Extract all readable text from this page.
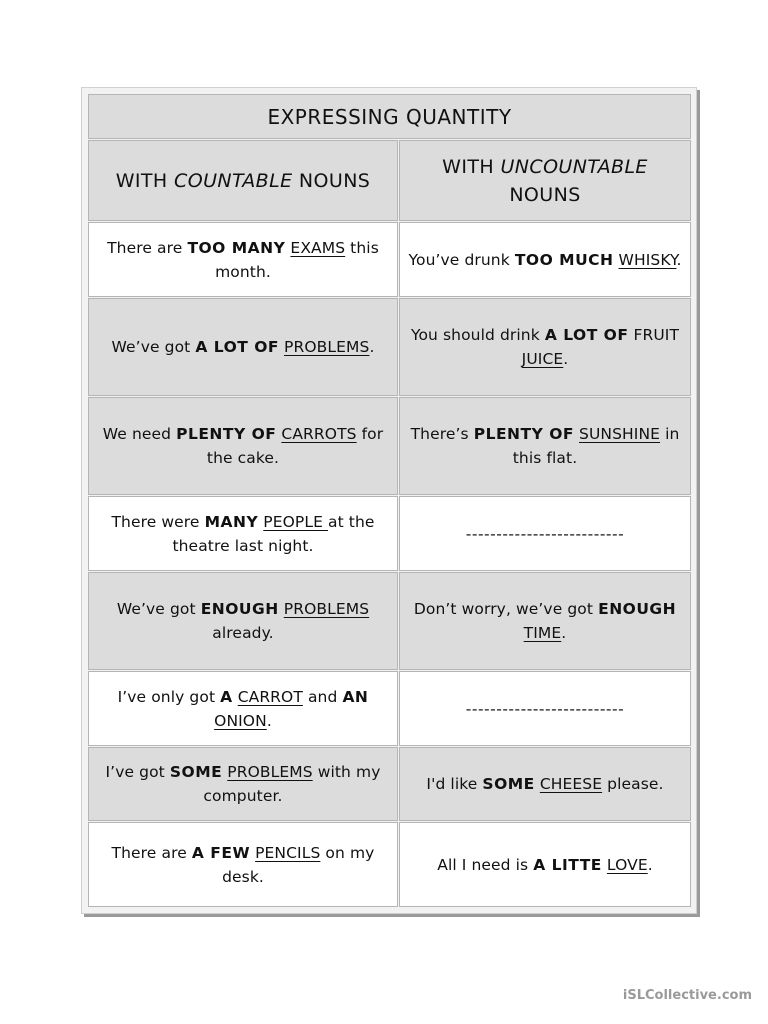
EXPRESSING QUANTITY
WITH COUNTABLE NOUNS
WITH UNCOUNTABLE NOUNS
There are TOO MANY EXAMS this month.
You’ve drunk TOO MUCH WHISKY.
We’ve got A LOT OF PROBLEMS.
You should drink A LOT OF FRUIT JUICE.
We need PLENTY OF CARROTS for the cake.
There’s PLENTY OF SUNSHINE in this flat.
There were MANY PEOPLE at the theatre last night.
--------------------------
We’ve got ENOUGH PROBLEMS already.
Don’t worry, we’ve got ENOUGH TIME.
I’ve only got A CARROT and AN ONION.
--------------------------
I’ve got SOME PROBLEMS with my computer.
I'd like SOME CHEESE please.
There are A FEW PENCILS on my desk.
All I need is A LITTE LOVE.
iSLCollective.com
